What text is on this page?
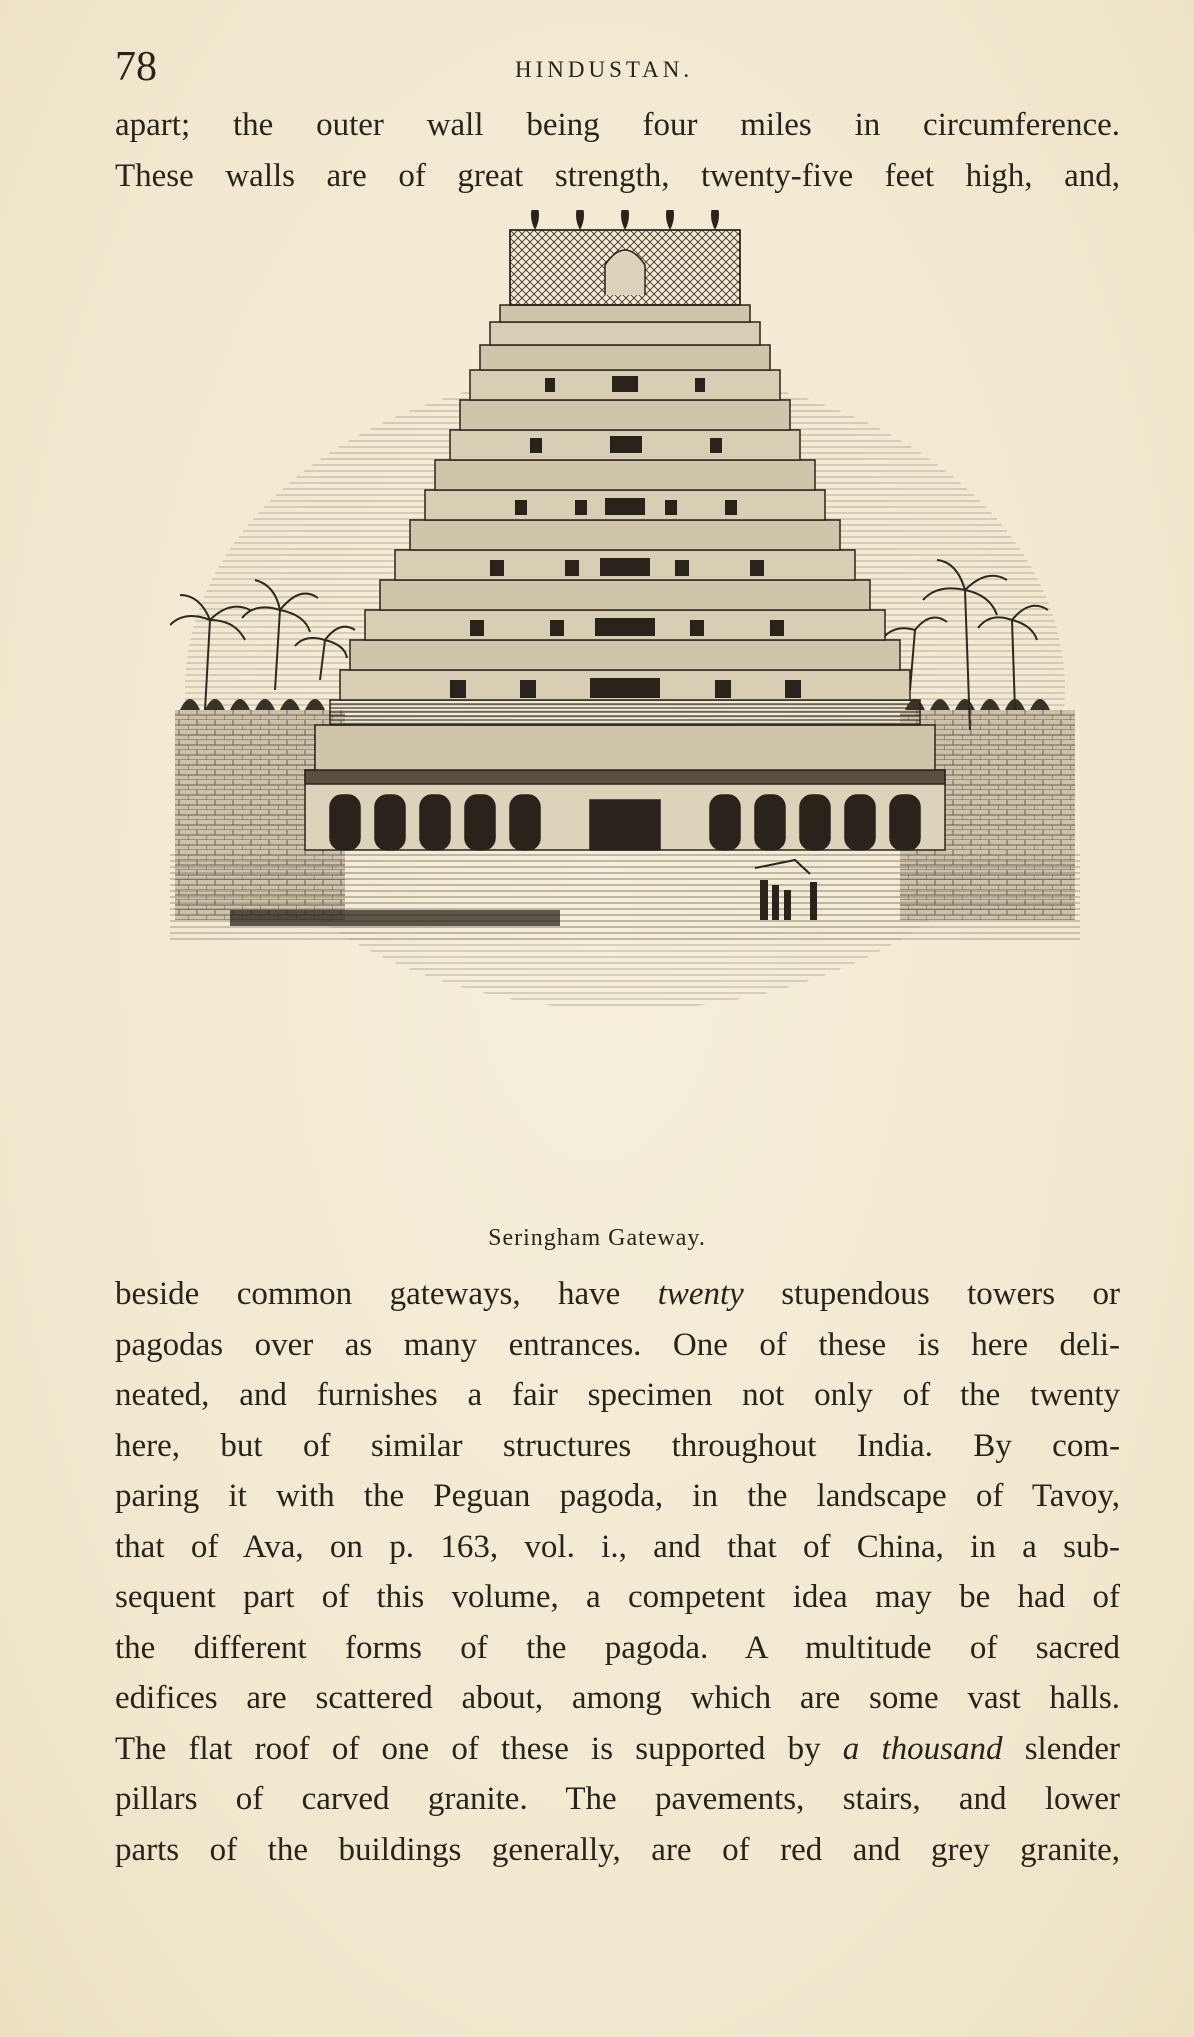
78	HINDUSTAN.
apart; the outer wall being four miles in circumference.
These walls are of great strength, twenty-five feet high, and,
Seringham Gateway.
beside common gateways, have twenty stupendous towers or
pagodas over as many entrances. One of these is here deli-
neated, and furnishes a fair specimen not only of the twenty
here, but of similar structures throughout India. By com-
paring it with the Peguan pagoda, in the landscape of Tavoy,
that of Ava, on p. 163, vol. i., and that of China, in a sub-
sequent part of this volume, a competent idea may be had of
the different forms of the pagoda. A multitude of sacred
edifices are scattered about, among which are some vast halls.
The flat roof of one of these is supported by a thousand slender
pillars of carved granite. The pavements, stairs, and lower
parts of the buildings generally, are of red and grey granite,
